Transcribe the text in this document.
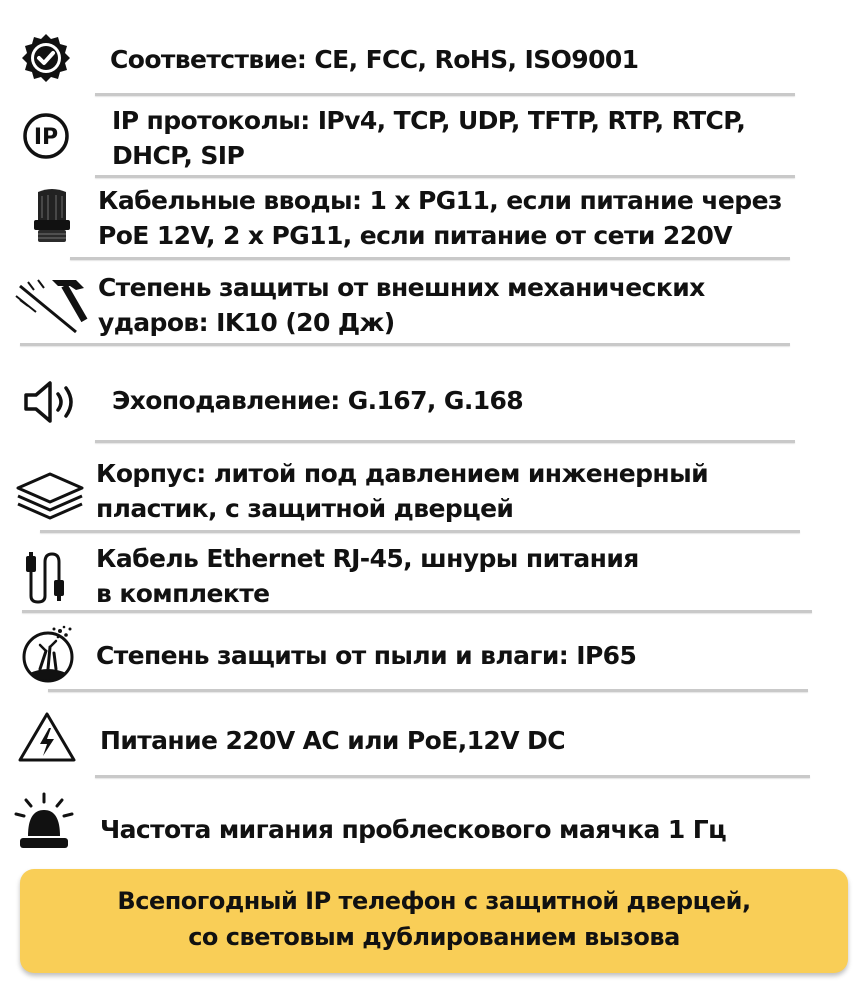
Соответствие: CE, FCC, RoHS, ISO9001
IP
IP протоколы: IPv4, TCP, UDP, TFTP, RTP, RTCP,
DHCP, SIP
Кабельные вводы: 1 x PG11, если питание через
PoE 12V, 2 x PG11, если питание от сети 220V
Степень защиты от внешних механических
ударов: IK10 (20 Дж)
Эхоподавление: G.167, G.168
Корпус: литой под давлением инженерный
пластик, с защитной дверцей
Кабель Ethernet RJ-45, шнуры питания
в комплекте
Степень защиты от пыли и влаги: IP65
Питание 220V AC или PoE,12V DC
Частота мигания проблескового маячка 1 Гц
Всепогодный IP телефон с защитной дверцей,
со световым дублированием вызова
